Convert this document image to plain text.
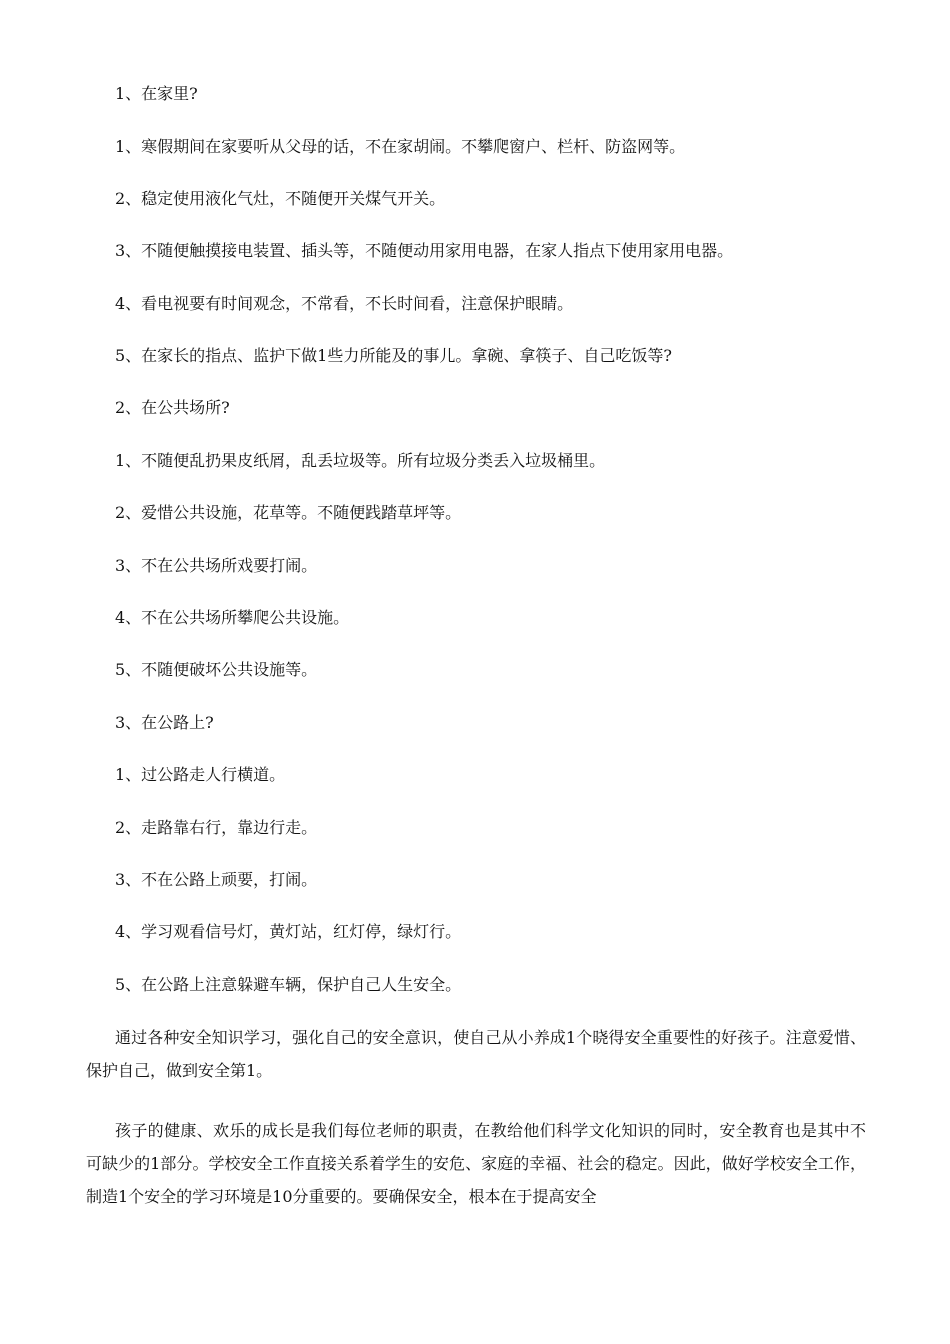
1、在家里?

1、寒假期间在家要听从父母的话，不在家胡闹。不攀爬窗户、栏杆、防盗网等。

2、稳定使用液化气灶，不随便开关煤气开关。

3、不随便触摸接电装置、插头等，不随便动用家用电器，在家人指点下使用家用电器。

4、看电视要有时间观念，不常看，不长时间看，注意保护眼睛。

5、在家长的指点、监护下做1些力所能及的事儿。拿碗、拿筷子、自己吃饭等?

2、在公共场所?

1、不随便乱扔果皮纸屑，乱丢垃圾等。所有垃圾分类丢入垃圾桶里。

2、爱惜公共设施，花草等。不随便践踏草坪等。

3、不在公共场所戏要打闹。

4、不在公共场所攀爬公共设施。

5、不随便破坏公共设施等。

3、在公路上?

1、过公路走人行横道。

2、走路靠右行，靠边行走。

3、不在公路上顽要，打闹。

4、学习观看信号灯，黄灯站，红灯停，绿灯行。

5、在公路上注意躲避车辆，保护自己人生安全。

通过各种安全知识学习，强化自己的安全意识，使自己从小养成1个晓得安全重要性的好孩子。注意爱惜、保护自己，做到安全第1。

孩子的健康、欢乐的成长是我们每位老师的职责，在教给他们科学文化知识的同时，安全教育也是其中不可缺少的1部分。学校安全工作直接关系着学生的安危、家庭的幸福、社会的稳定。因此，做好学校安全工作，制造1个安全的学习环境是10分重要的。要确保安全，根本在于提高安全
